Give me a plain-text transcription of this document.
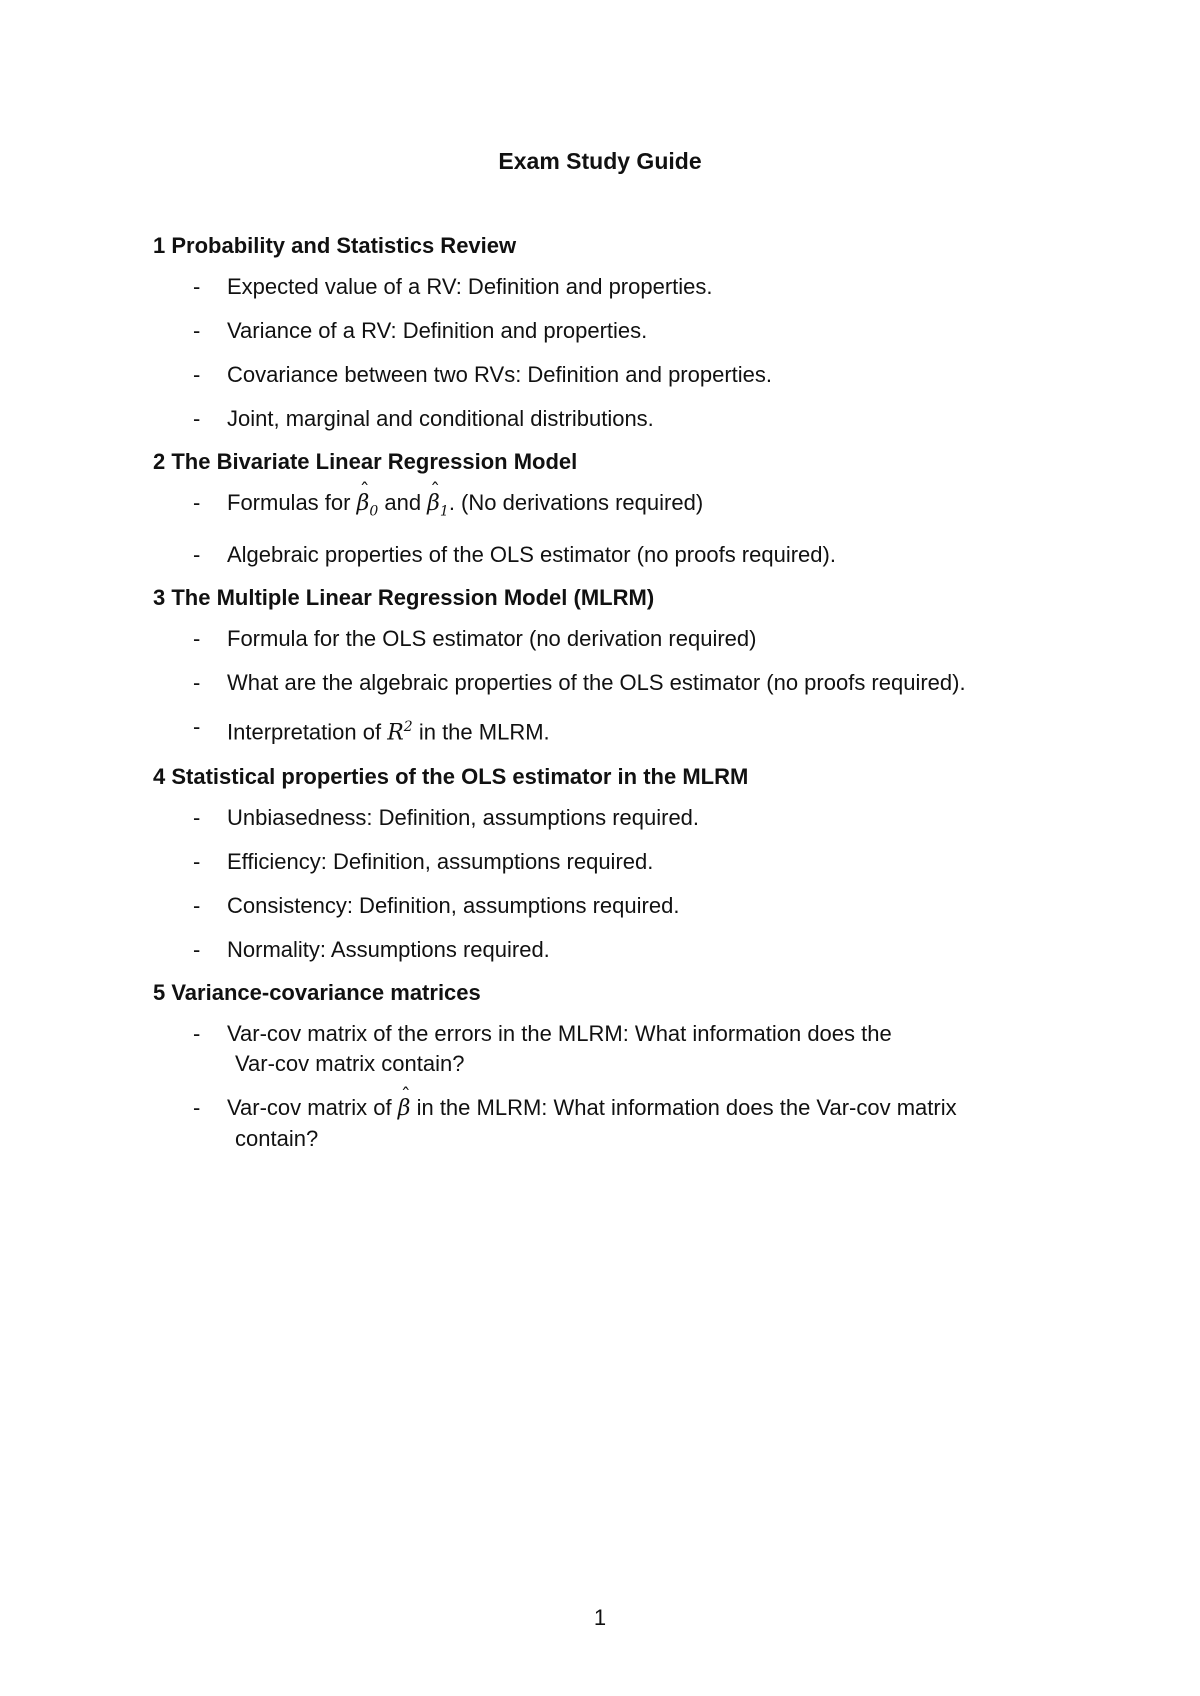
Exam Study Guide
1 Probability and Statistics Review
- Expected value of a RV: Definition and properties.
- Variance of a RV: Definition and properties.
- Covariance between two RVs: Definition and properties.
- Joint, marginal and conditional distributions.
2 The Bivariate Linear Regression Model
- Formulas for ˆ $\beta_0$ and ˆ $\beta_1$. (No derivations required)
- Algebraic properties of the OLS estimator (no proofs required).
3 The Multiple Linear Regression Model (MLRM)
- Formula for the OLS estimator (no derivation required)
- What are the algebraic properties of the OLS estimator (no proofs required).
- Interpretation of $R^2$ in the MLRM.
4 Statistical properties of the OLS estimator in the MLRM
- Unbiasedness: Definition, assumptions required.
- Efficiency: Definition, assumptions required.
- Consistency: Definition, assumptions required.
- Normality: Assumptions required.
5 Variance-covariance matrices
- Var-cov matrix of the errors in the MLRM: What information does the
Var-cov matrix contain?
- Var-cov matrix of ˆ β in the MLRM: What information does the Var-cov matrix
contain?
1
